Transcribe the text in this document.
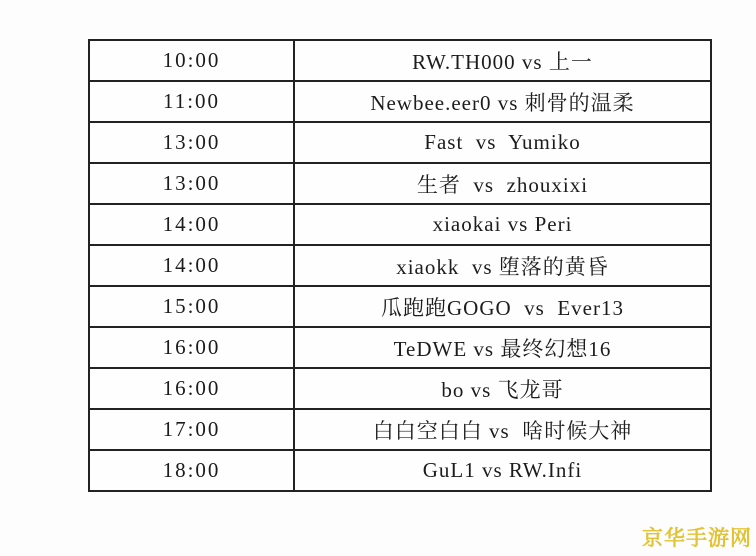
10:00	RW.TH000 vs 上一
11:00	Newbee.eer0 vs 刺骨的温柔
13:00	Fast  vs  Yumiko
13:00	生者  vs  zhouxixi
14:00	xiaokai vs Peri
14:00	xiaokk  vs 堕落的黄昏
15:00	瓜跑跑GOGO  vs  Ever13
16:00	TeDWE vs 最终幻想16
16:00	bo vs 飞龙哥
17:00	白白空白白 vs  啥时候大神
18:00	GuL1 vs RW.Infi
京华手游网
